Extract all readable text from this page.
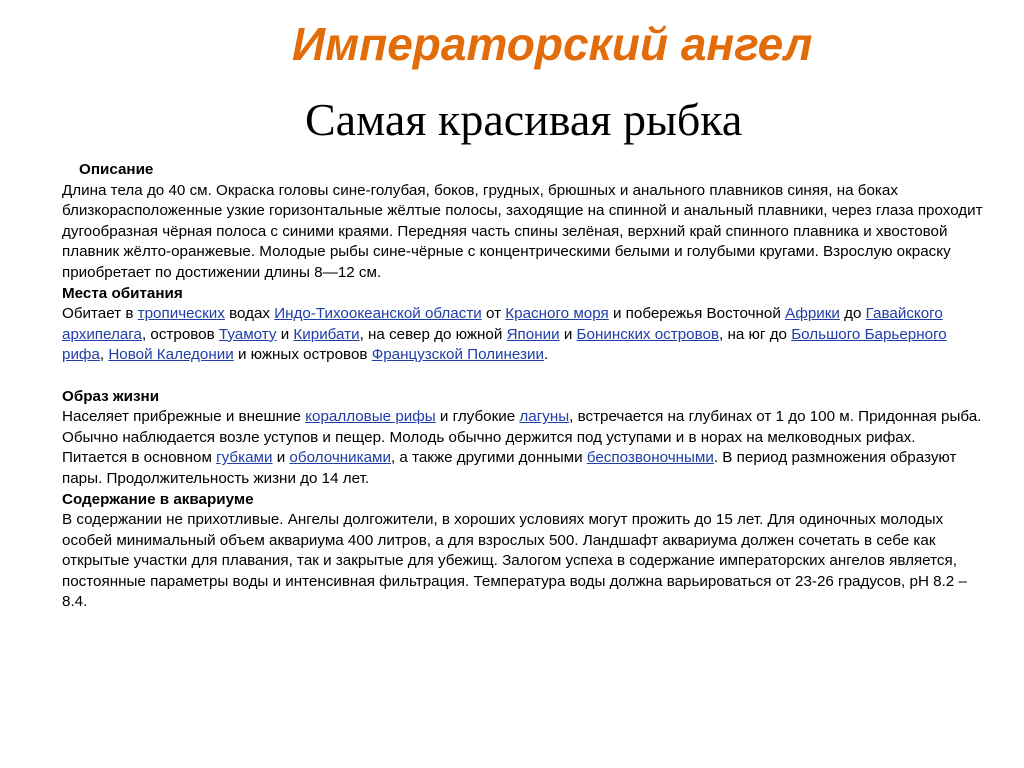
Императорский ангел
Самая красивая рыбка

Описание

Длина тела до 40 см. Окраска головы сине-голубая, боков, грудных, брюшных и анального плавников синяя, на боках близкорасположенные узкие горизонтальные жёлтые полосы, заходящие на спинной и анальный плавники, через глаза проходит дугообразная чёрная полоса с синими краями. Передняя часть спины зелёная, верхний край спинного плавника и хвостовой плавник жёлто-оранжевые. Молодые рыбы сине-чёрные с концентрическими белыми и голубыми кругами. Взрослую окраску приобретает по достижении длины 8—12 см.

Места обитания

Обитает в тропических водах Индо-Тихоокеанской области от Красного моря и побережья Восточной Африки до Гавайского архипелага, островов Туамоту и Кирибати, на север до южной Японии и Бонинских островов, на юг до Большого Барьерного рифа, Новой Каледонии и южных островов Французской Полинезии.

Образ жизни

Населяет прибрежные и внешние коралловые рифы и глубокие лагуны, встречается на глубинах от 1 до 100 м. Придонная рыба. Обычно наблюдается возле уступов и пещер. Молодь обычно держится под уступами и в норах на мелководных рифах.

Питается в основном губками и оболочниками, а также другими донными беспозвоночными. В период размножения образуют пары. Продолжительность жизни до 14 лет.

Содержание в аквариуме

В содержании не прихотливые. Ангелы долгожители, в хороших условиях могут прожить до 15 лет. Для одиночных молодых особей минимальный объем аквариума 400 литров, а для взрослых 500. Ландшафт аквариума должен сочетать в себе как открытые участки для плавания, так и закрытые для убежищ. Залогом успеха в содержание императорских ангелов является, постоянные параметры воды и интенсивная фильтрация. Температура воды должна варьироваться от 23-26 градусов, pH 8.2 – 8.4.
